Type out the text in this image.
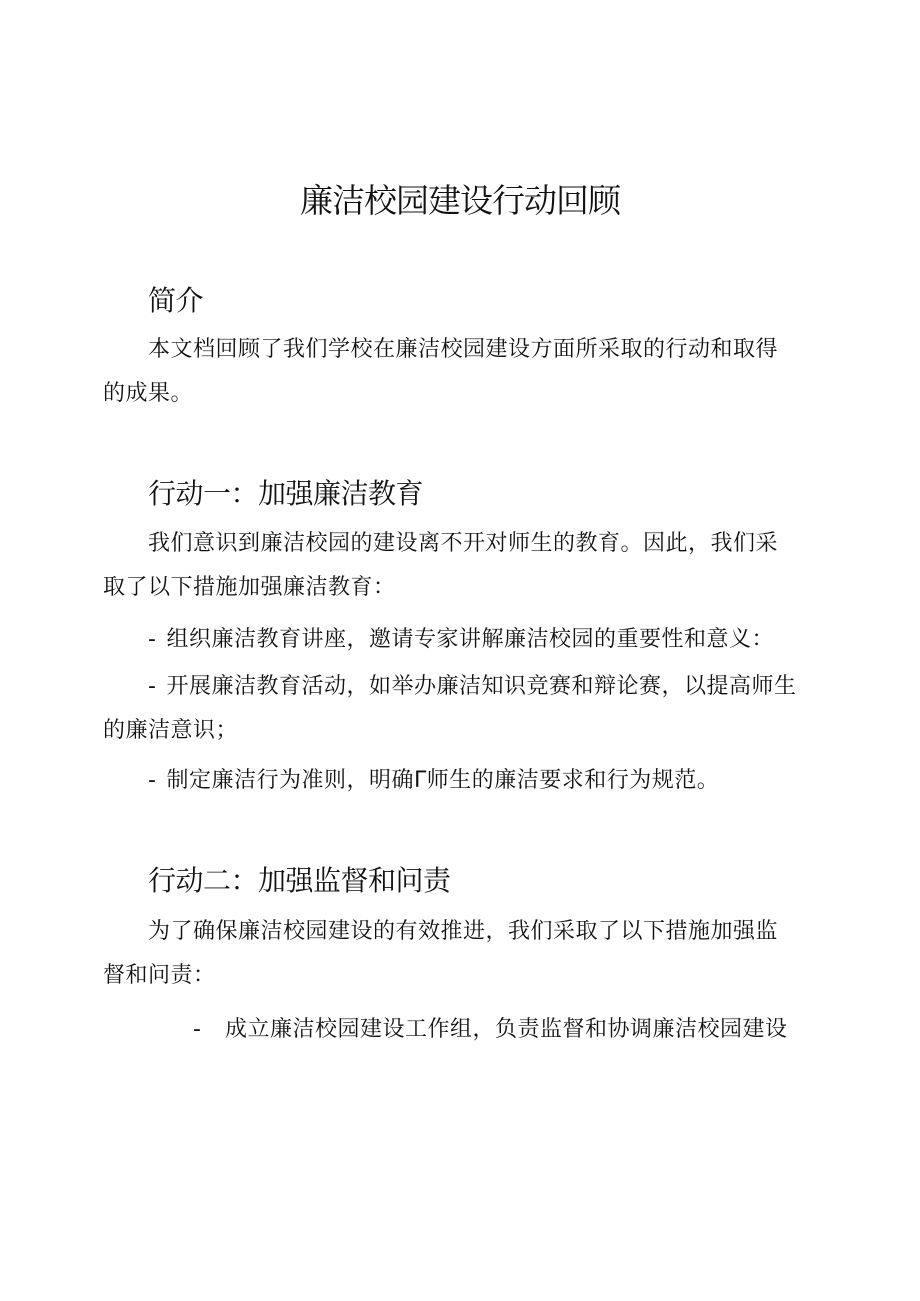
廉洁校园建设行动回顾
简介

本文档回顾了我们学校在廉洁校园建设方面所采取的行动和取得的成果。

行动一：加强廉洁教育

我们意识到廉洁校园的建设离不开对师生的教育。因此，我们采取了以下措施加强廉洁教育：

- 组织廉洁教育讲座，邀请专家讲解廉洁校园的重要性和意义：

- 开展廉洁教育活动，如举办廉洁知识竞赛和辩论赛，以提高师生的廉洁意识；

- 制定廉洁行为准则，明确Γ师生的廉洁要求和行为规范。

行动二：加强监督和问责

为了确保廉洁校园建设的有效推进，我们采取了以下措施加强监督和问责：

- 成立廉洁校园建设工作组，负责监督和协调廉洁校园建设
